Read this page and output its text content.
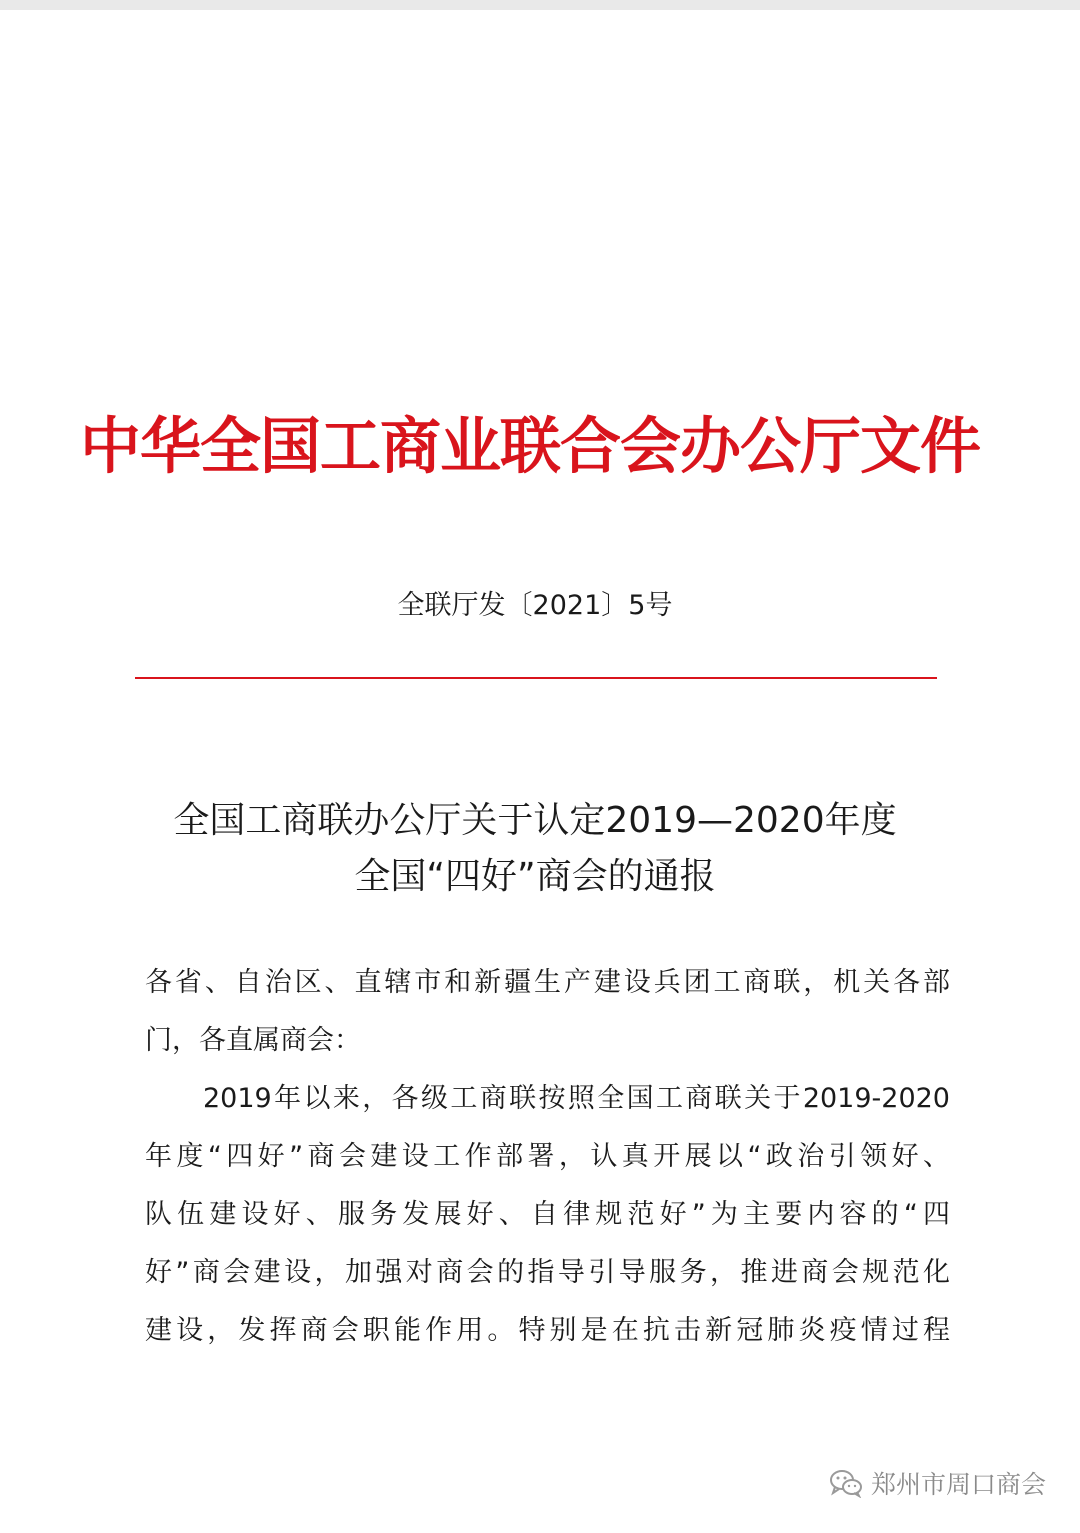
中华全国工商业联合会办公厅文件
全联厅发〔2021〕5号
全国工商联办公厅关于认定2019—2020年度
全国“四好”商会的通报
各省、自治区、直辖市和新疆生产建设兵团工商联，机关各部
门，各直属商会：
2019年以来，各级工商联按照全国工商联关于2019-2020
年度“四好”商会建设工作部署，认真开展以“政治引领好、
队伍建设好、服务发展好、自律规范好”为主要内容的“四
好”商会建设，加强对商会的指导引导服务，推进商会规范化
建设，发挥商会职能作用。特别是在抗击新冠肺炎疫情过程
郑州市周口商会
